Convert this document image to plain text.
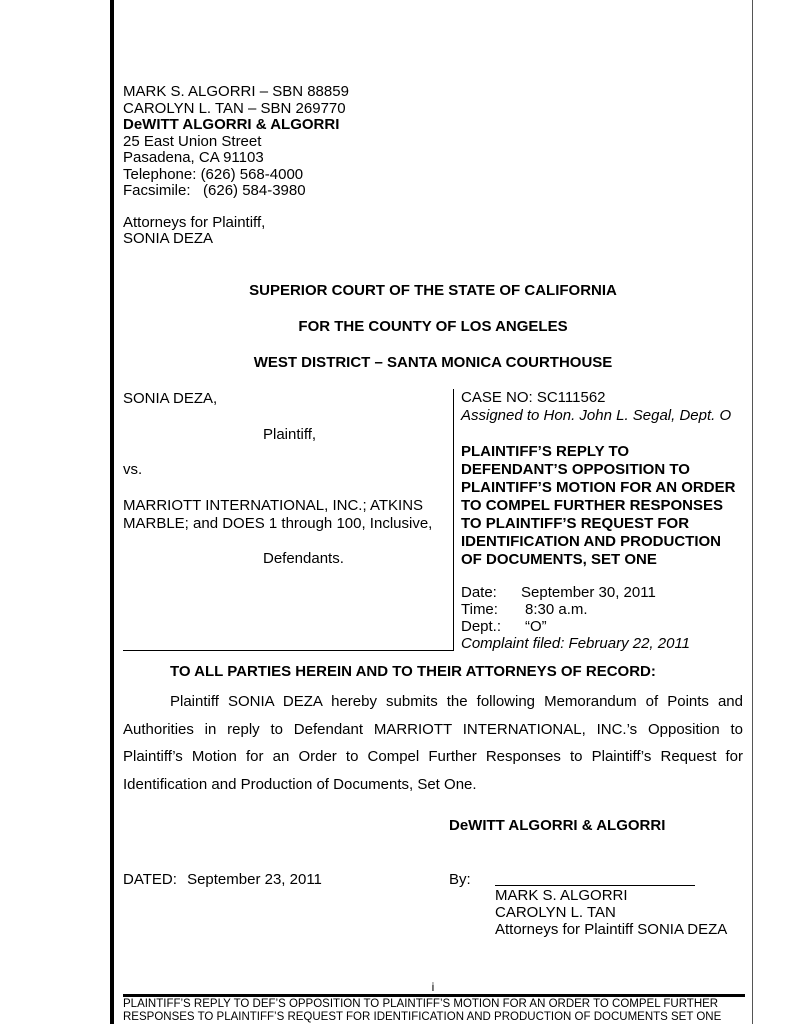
MARK S. ALGORRI – SBN 88859

CAROLYN L. TAN – SBN 269770

DeWITT ALGORRI & ALGORRI

25 East Union Street

Pasadena, CA 91103

Telephone: (626) 568-4000

Facsimile:   (626) 584-3980

Attorneys for Plaintiff,

SONIA DEZA

SUPERIOR COURT OF THE STATE OF CALIFORNIA
FOR THE COUNTY OF LOS ANGELES
WEST DISTRICT – SANTA MONICA COURTHOUSE
SONIA DEZA,
Plaintiff,
vs.
MARRIOTT INTERNATIONAL, INC.; ATKINS
MARBLE; and DOES 1 through 100, Inclusive,
Defendants.
CASE NO: SC111562
Assigned to Hon. John L. Segal, Dept. O
PLAINTIFF’S REPLY TO
DEFENDANT’S OPPOSITION TO
PLAINTIFF’S MOTION FOR AN ORDER
TO COMPEL FURTHER RESPONSES
TO PLAINTIFF’S REQUEST FOR
IDENTIFICATION AND PRODUCTION
OF DOCUMENTS, SET ONE
Date: September 30, 2011
Time: 8:30 a.m.
Dept.: “O”
Complaint filed: February 22, 2011
TO ALL PARTIES HEREIN AND TO THEIR ATTORNEYS OF RECORD:
Plaintiff SONIA DEZA hereby submits the following Memorandum of Points and Authorities in reply to Defendant MARRIOTT INTERNATIONAL, INC.’s Opposition to Plaintiff’s Motion for an Order to Compel Further Responses to Plaintiff’s Request for Identification and Production of Documents, Set One.
DeWITT ALGORRI & ALGORRI
DATED: September 23, 2011	By:
MARK S. ALGORRI
CAROLYN L. TAN
Attorneys for Plaintiff SONIA DEZA
i
PLAINTIFF’S REPLY TO DEF’S OPPOSITION TO PLAINTIFF’S MOTION FOR AN ORDER TO COMPEL FURTHER
RESPONSES TO PLAINTIFF’S REQUEST FOR IDENTIFICATION AND PRODUCTION OF DOCUMENTS SET ONE
